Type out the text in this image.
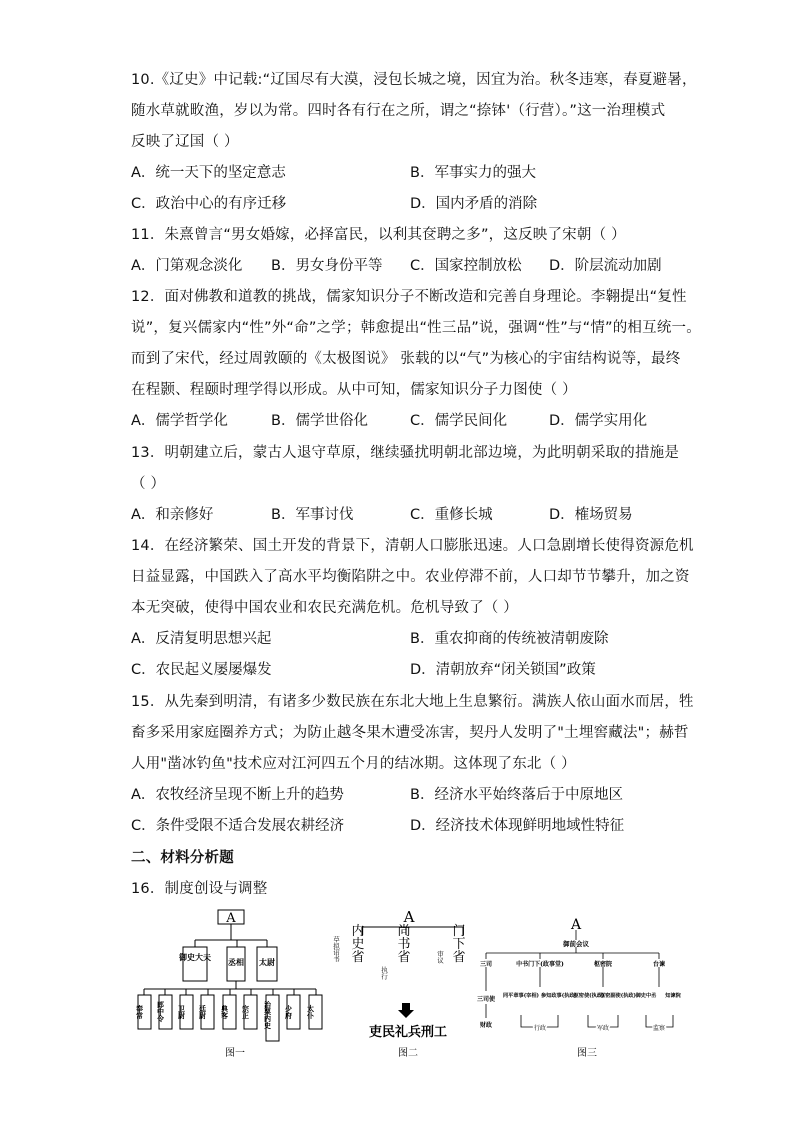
10.《辽史》中记载:“辽国尽有大漠，浸包长城之境，因宜为治。秋冬违寒，春夏避暑，
随水草就畋渔，岁以为常。四时各有行在之所，谓之“捺钵'（行营）。”这一治理模式
反映了辽国（ ）
A．统一天下的坚定意志	B．军事实力的强大
C．政治中心的有序迁移	D．国内矛盾的消除
11．朱熹曾言“男女婚嫁，必择富民，以利其奁聘之多”，这反映了宋朝（ ）
A．门第观念淡化 B．男女身份平等 C．国家控制放松 D．阶层流动加剧
12．面对佛教和道教的挑战，儒家知识分子不断改造和完善自身理论。李翱提出“复性
说”，复兴儒家内“性”外“命”之学；韩愈提出“性三品”说，强调“性”与“情”的相互统一。
而到了宋代，经过周敦颐的《太极图说》 张载的以“气”为核心的宇宙结构说等，最终
在程颢、程颐时理学得以形成。从中可知，儒家知识分子力图使（ ）
A．儒学哲学化	B．儒学世俗化	C．儒学民间化	D．儒学实用化
13．明朝建立后，蒙古人退守草原，继续骚扰明朝北部边境，为此明朝采取的措施是
（ ）
A．和亲修好	B．军事讨伐	C．重修长城	D．榷场贸易
14．在经济繁荣、国土开发的背景下，清朝人口膨胀迅速。人口急剧增长使得资源危机
日益显露，中国跌入了高水平均衡陷阱之中。农业停滞不前，人口却节节攀升，加之资
本无突破，使得中国农业和农民充满危机。危机导致了（ ）
A．反清复明思想兴起	B．重农抑商的传统被清朝废除
C．农民起义屡屡爆发	D．清朝放弃“闭关锁国”政策
15．从先秦到明清，有诸多少数民族在东北大地上生息繁衍。满族人依山面水而居，牲
畜多采用家庭圈养方式；为防止越冬果木遭受冻害，契丹人发明了"土埋窖藏法"；赫哲
人用"凿冰钓鱼"技术应对江河四五个月的结冰期。这体现了东北（ ）
A．农牧经济呈现不断上升的趋势	B．经济水平始终落后于中原地区
C．条件受限不适合发展农耕经济	D．经济技术体现鲜明地域性特征
二、材料分析题
16．制度创设与调整
A
御史大夫 丞相 太尉
奉常 郎中令 卫尉 廷尉 典客 宗正 治粟内史 少府 太仆
图一
A
草拟诏书
执行
审议
内史省 尚书省	门下省
吏民礼兵刑工
图二
A
御前会议
三司	中书门下(政事堂)	枢密院	台谏
三司使 同平章事(宰相) 参知政事(执政)
枢密使(执政)
枢密副使(执政) 御史中丞 知谏院
财政	行政	军政	监察
图三
